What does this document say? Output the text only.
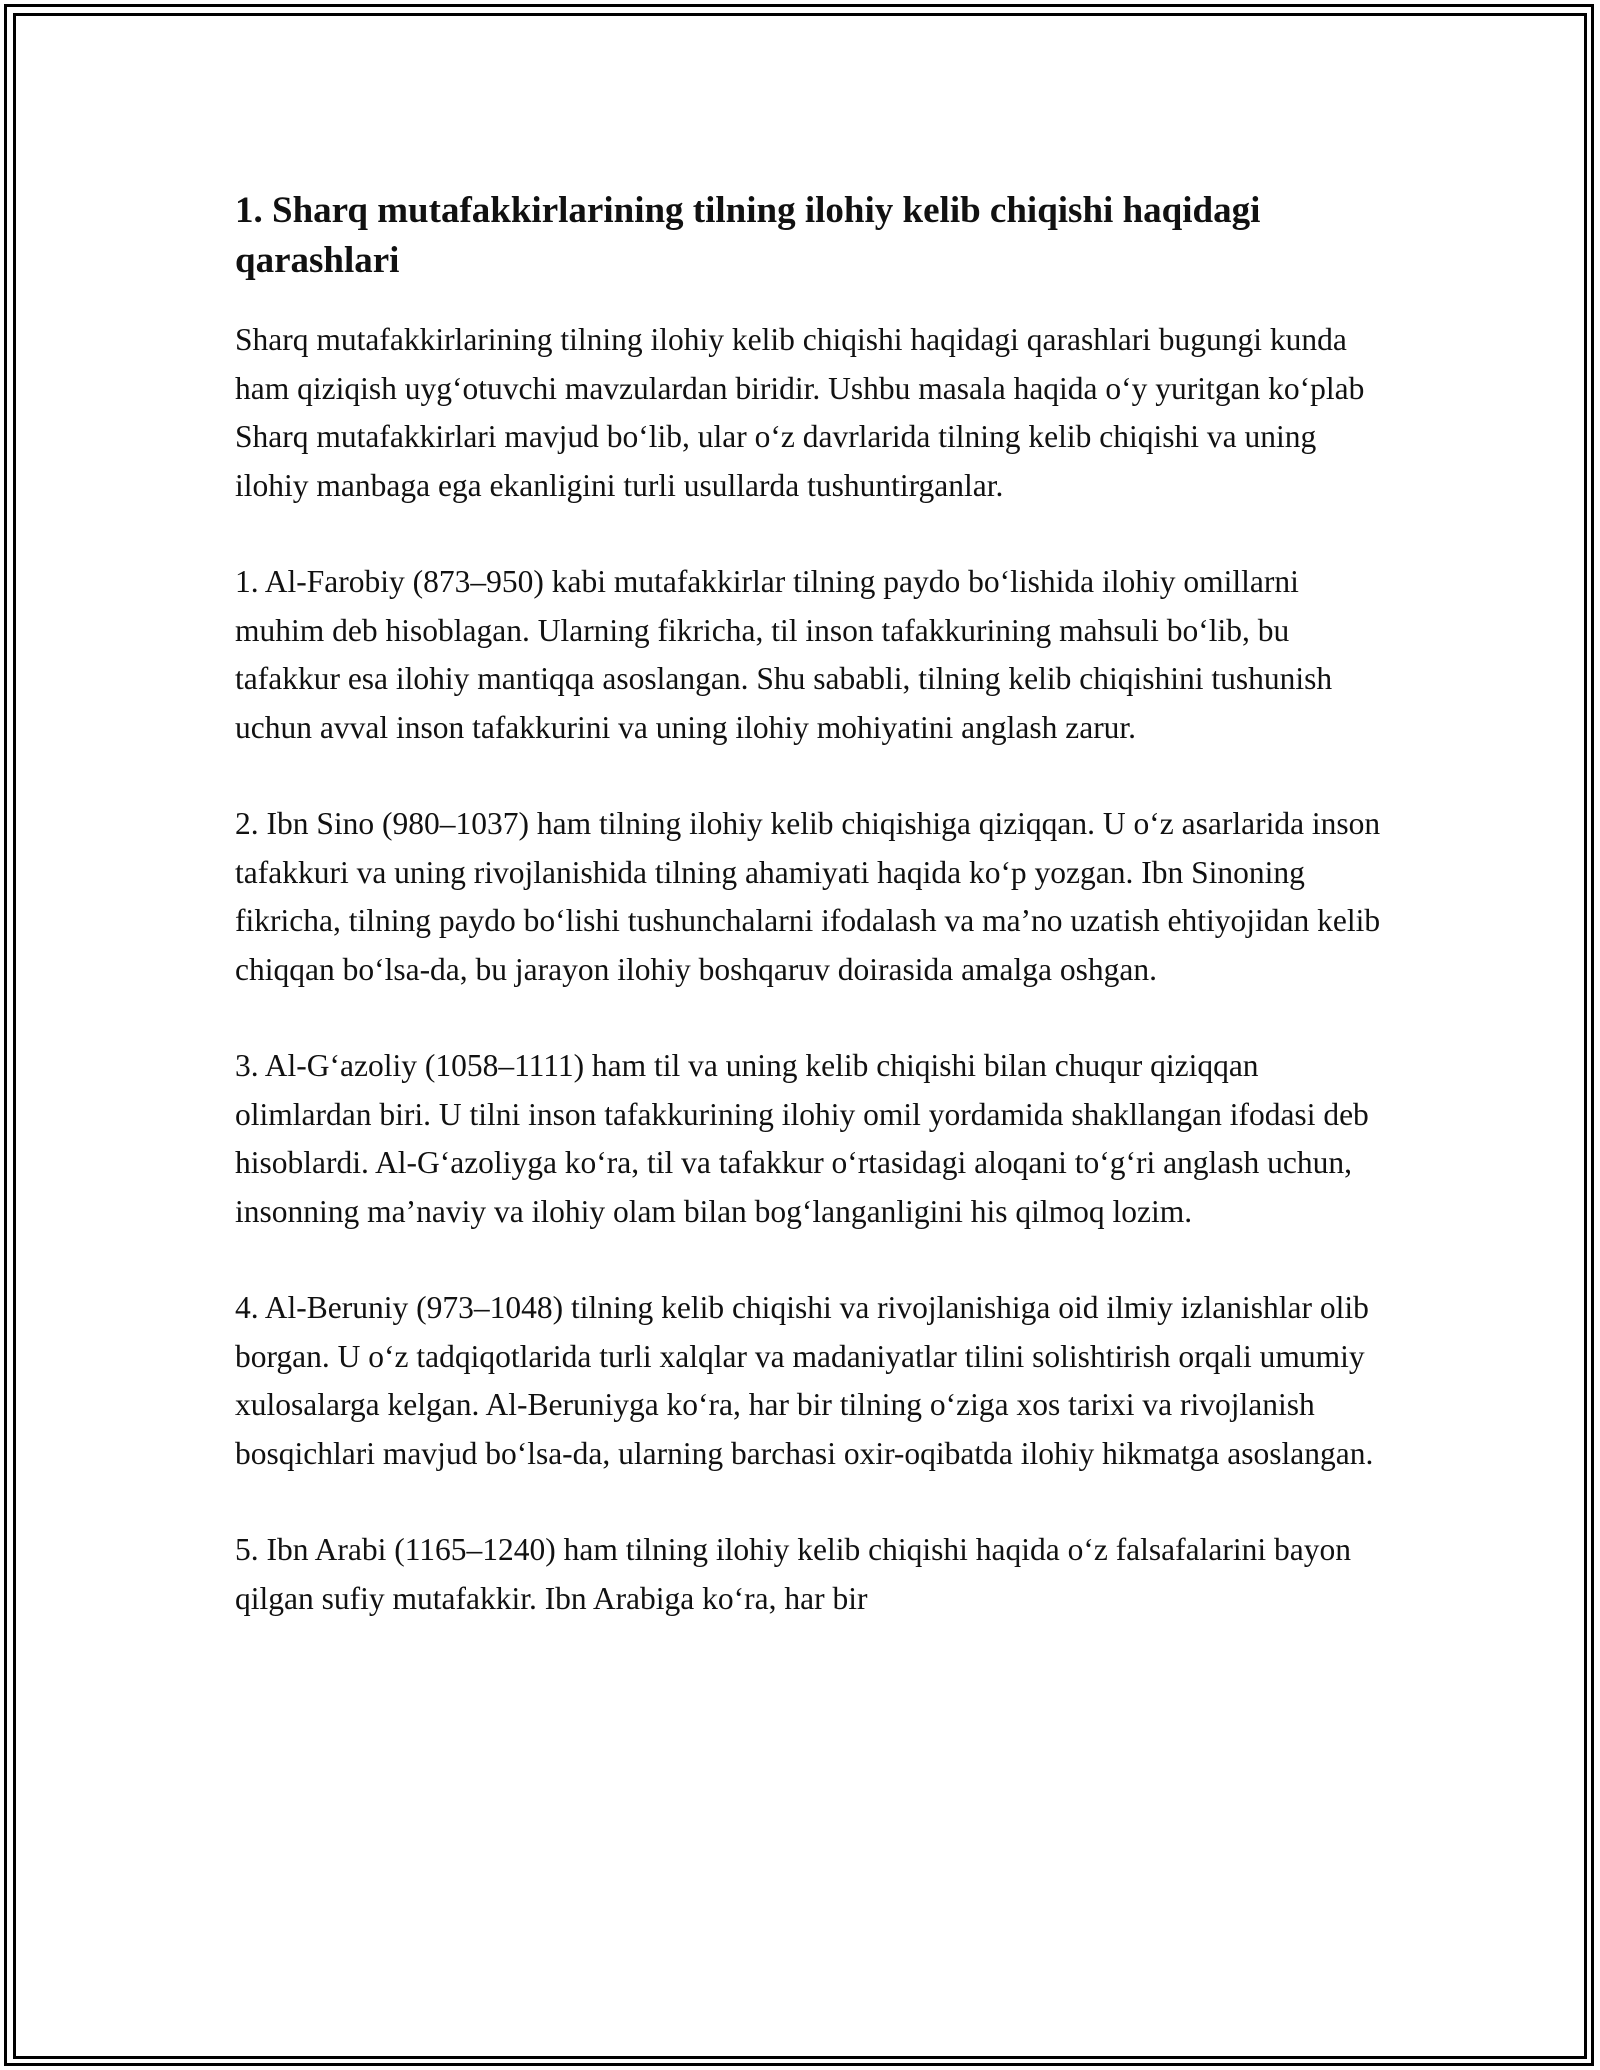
1. Sharq mutafakkirlarining tilning ilohiy kelib chiqishi haqidagi qarashlari

Sharq mutafakkirlarining tilning ilohiy kelib chiqishi haqidagi qarashlari bugungi kunda ham qiziqish uyg‘otuvchi mavzulardan biridir. Ushbu masala haqida o‘y yuritgan ko‘plab Sharq mutafakkirlari mavjud bo‘lib, ular o‘z davrlarida tilning kelib chiqishi va uning ilohiy manbaga ega ekanligini turli usullarda tushuntirganlar.

1. Al-Farobiy (873–950) kabi mutafakkirlar tilning paydo bo‘lishida ilohiy omillarni muhim deb hisoblagan. Ularning fikricha, til inson tafakkurining mahsuli bo‘lib, bu tafakkur esa ilohiy mantiqqa asoslangan. Shu sababli, tilning kelib chiqishini tushunish uchun avval inson tafakkurini va uning ilohiy mohiyatini anglash zarur.

2. Ibn Sino (980–1037) ham tilning ilohiy kelib chiqishiga qiziqqan. U o‘z asarlarida inson tafakkuri va uning rivojlanishida tilning ahamiyati haqida ko‘p yozgan. Ibn Sinoning fikricha, tilning paydo bo‘lishi tushunchalarni ifodalash va ma’no uzatish ehtiyojidan kelib chiqqan bo‘lsa-da, bu jarayon ilohiy boshqaruv doirasida amalga oshgan.

3. Al-G‘azoliy (1058–1111) ham til va uning kelib chiqishi bilan chuqur qiziqqan olimlardan biri. U tilni inson tafakkurining ilohiy omil yordamida shakllangan ifodasi deb hisoblardi. Al-G‘azoliyga ko‘ra, til va tafakkur o‘rtasidagi aloqani to‘g‘ri anglash uchun, insonning ma’naviy va ilohiy olam bilan bog‘langanligini his qilmoq lozim.

4. Al-Beruniy (973–1048) tilning kelib chiqishi va rivojlanishiga oid ilmiy izlanishlar olib borgan. U o‘z tadqiqotlarida turli xalqlar va madaniyatlar tilini solishtirish orqali umumiy xulosalarga kelgan. Al-Beruniyga ko‘ra, har bir tilning o‘ziga xos tarixi va rivojlanish bosqichlari mavjud bo‘lsa-da, ularning barchasi oxir-oqibatda ilohiy hikmatga asoslangan.

5. Ibn Arabi (1165–1240) ham tilning ilohiy kelib chiqishi haqida o‘z falsafalarini bayon qilgan sufiy mutafakkir. Ibn Arabiga ko‘ra, har bir
